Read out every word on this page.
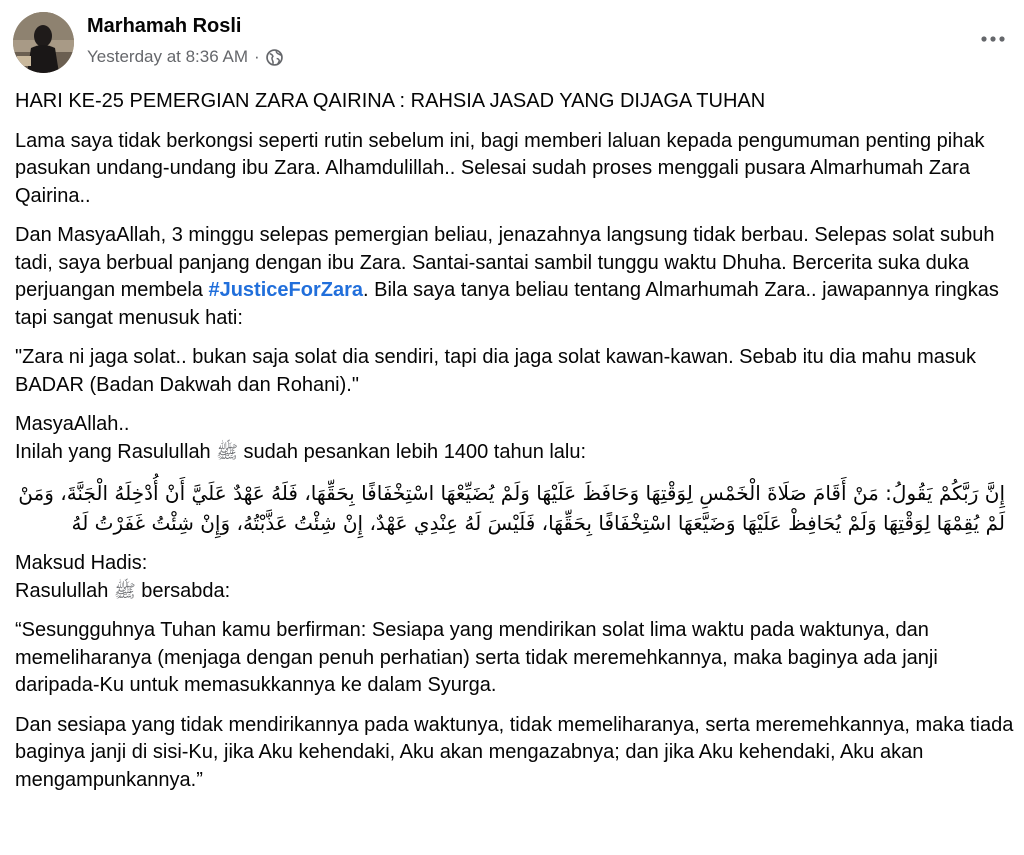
Marhamah Rosli
Yesterday at 8:36 AM ·

HARI KE-25 PEMERGIAN ZARA QAIRINA : RAHSIA JASAD YANG DIJAGA TUHAN

Lama saya tidak berkongsi seperti rutin sebelum ini, bagi memberi laluan kepada pengumuman penting pihak pasukan undang-undang ibu Zara. Alhamdulillah.. Selesai sudah proses menggali pusara Almarhumah Zara Qairina..

Dan MasyaAllah, 3 minggu selepas pemergian beliau, jenazahnya langsung tidak berbau. Selepas solat subuh tadi, saya berbual panjang dengan ibu Zara. Santai-santai sambil tunggu waktu Dhuha. Bercerita suka duka perjuangan membela #JusticeForZara. Bila saya tanya beliau tentang Almarhumah Zara.. jawapannya ringkas tapi sangat menusuk hati:

"Zara ni jaga solat.. bukan saja solat dia sendiri, tapi dia jaga solat kawan-kawan. Sebab itu dia mahu masuk BADAR (Badan Dakwah dan Rohani)."

MasyaAllah..
Inilah yang Rasulullah ﷺ sudah pesankan lebih 1400 tahun lalu:

إِنَّ رَبَّكُمْ يَقُولُ: مَنْ أَقَامَ صَلَاةَ الْخَمْسِ لِوَقْتِهَا وَحَافَظَ عَلَيْهَا وَلَمْ يُضَيِّعْهَا اسْتِخْفَافًا بِحَقِّهَا، فَلَهُ عَهْدٌ عَلَيَّ أَنْ أُدْخِلَهُ الْجَنَّةَ، وَمَنْ لَمْ يُقِمْهَا لِوَقْتِهَا وَلَمْ يُحَافِظْ عَلَيْهَا وَضَيَّعَهَا اسْتِخْفَافًا بِحَقِّهَا، فَلَيْسَ لَهُ عِنْدِي عَهْدٌ، إِنْ شِئْتُ عَذَّبْتُهُ، وَإِنْ شِئْتُ غَفَرْتُ لَهُ

Maksud Hadis:
Rasulullah ﷺ bersabda:

“Sesungguhnya Tuhan kamu berfirman: Sesiapa yang mendirikan solat lima waktu pada waktunya, dan memeliharanya (menjaga dengan penuh perhatian) serta tidak meremehkannya, maka baginya ada janji daripada-Ku untuk memasukkannya ke dalam Syurga.

Dan sesiapa yang tidak mendirikannya pada waktunya, tidak memeliharanya, serta meremehkannya, maka tiada baginya janji di sisi-Ku, jika Aku kehendaki, Aku akan mengazabnya; dan jika Aku kehendaki, Aku akan mengampunkannya.”
